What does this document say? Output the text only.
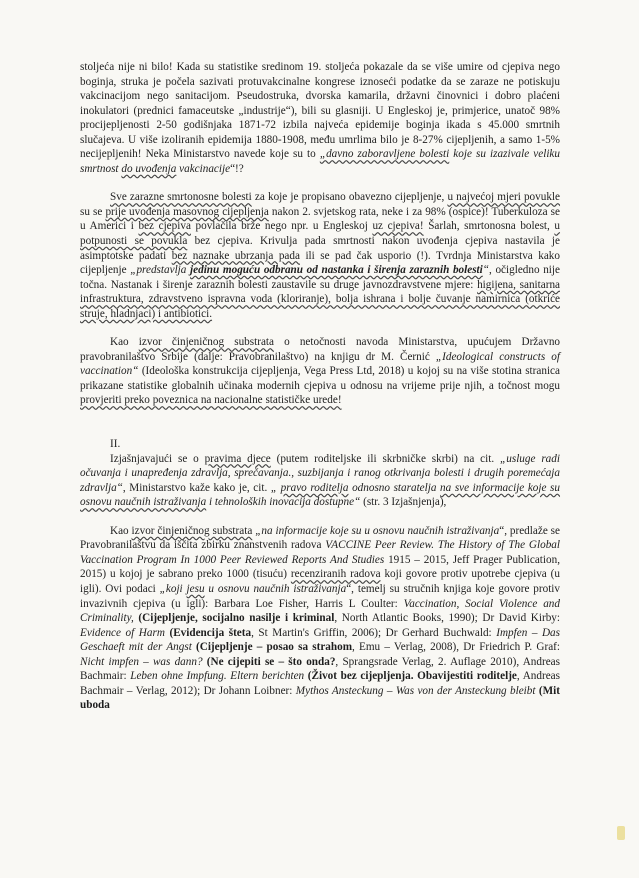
stoljeća nije ni bilo! Kada su statistike sredinom 19. stoljeća pokazale da se više umire od cjepiva nego boginja, struka je počela sazivati protuvakcinalne kongrese iznoseći podatke da se zaraze ne potiskuju vakcinacijom nego sanitacijom. Pseudostruka, dvorska kamarila, državni činovnici i dobro plaćeni inokulatori (prednici famaceutske „industrije“), bili su glasniji. U Engleskoj je, primjerice, unatoč 98% procijepljenosti 2-50 godišnjaka 1871-72 izbila najveća epidemije boginja ikada s 45.000 smrtnih slučajeva. U više izoliranih epidemija 1880-1908, među umrlima bilo je 8-27% cijepljenih, a samo 1-5% necijepljenih! Neka Ministarstvo navede koje su to „davno zaboravljene bolesti koje su izazivale veliku smrtnost do uvođenja vakcinacije“!?

Sve zarazne smrtonosne bolesti za koje je propisano obavezno cijepljenje, u najvećoj mjeri povukle su se prije uvođenja masovnog cijepljenja nakon 2. svjetskog rata, neke i za 98% (ospice)! Tuberkuloza se u Americi i bez cjepiva povlačila brže nego npr. u Engleskoj uz cjepiva! Šarlah, smrtonosna bolest, u potpunosti se povukla bez cjepiva. Krivulja pada smrtnosti nakon uvođenja cjepiva nastavila je asimptotske padati bez naznake ubrzanja pada ili se pad čak usporio (!). Tvrdnja Ministarstva kako cijepljenje „predstavlja jedinu moguću odbranu od nastanka i širenja zaraznih bolesti“, očigledno nije točna. Nastanak i širenje zaraznih bolesti zaustavile su druge javnozdravstvene mjere: higijena, sanitarna infrastruktura, zdravstveno ispravna voda (kloriranje), bolja ishrana i bolje čuvanje namirnica (otkriće struje, hladnjaci) i antibiotici.

Kao izvor činjeničnog substrata o netočnosti navoda Ministarstva, upućujem Državno pravobranilaštvo Srbije (dalje: Pravobranilaštvo) na knjigu dr M. Černić „Ideological constructs of vaccination“ (Ideološka konstrukcija cijepljenja, Vega Press Ltd, 2018) u kojoj su na više stotina stranica prikazane statistike globalnih učinaka modernih cjepiva u odnosu na vrijeme prije njih, a točnost mogu provjeriti preko poveznica na nacionalne statističke urede!

II.

Izjašnjavajući se o pravima djece (putem roditeljske ili skrbničke skrbi) na cit. „usluge radi očuvanja i unapređenja zdravlja, sprečavanja., suzbijanja i ranog otkrivanja bolesti i drugih poremećaja zdravlja“, Ministarstvo kaže kako je, cit. „ pravo roditelja odnosno staratelja na sve informacije koje su osnovu naučnih istraživanja i tehnoloških inovacija dostupne“ (str. 3 Izjašnjenja),

Kao izvor činjeničnog substrata „na informacije koje su u osnovu naučnih istraživanja“, predlaže se Pravobranilaštvu da iščita zbirku znanstvenih radova VACCINE Peer Review. The History of The Global Vaccination Program In 1000 Peer Reviewed Reports And Studies 1915 – 2015, Jeff Prager Publication, 2015) u kojoj je sabrano preko 1000 (tisuću) recenziranih radova koji govore protiv upotrebe cjepiva (u igli). Ovi podaci „koji jesu u osnovu naučnih istraživanja“, temelj su stručnih knjiga koje govore protiv invazivnih cjepiva (u igli): Barbara Loe Fisher, Harris L Coulter: Vaccination, Social Violence and Criminality, (Cijepljenje, socijalno nasilje i kriminal, North Atlantic Books, 1990); Dr David Kirby: Evidence of Harm (Evidencija šteta, St Martin's Griffin, 2006); Dr Gerhard Buchwald: Impfen – Das Geschaeft mit der Angst (Cijepljenje – posao sa strahom, Emu – Verlag, 2008), Dr Friedrich P. Graf: Nicht impfen – was dann? (Ne cijepiti se – što onda?, Sprangsrade Verlag, 2. Auflage 2010), Andreas Bachmair: Leben ohne Impfung. Eltern berichten (Život bez cijepljenja. Obavijestiti roditelje, Andreas Bachmair – Verlag, 2012); Dr Johann Loibner: Mythos Ansteckung – Was von der Ansteckung bleibt (Mit uboda
